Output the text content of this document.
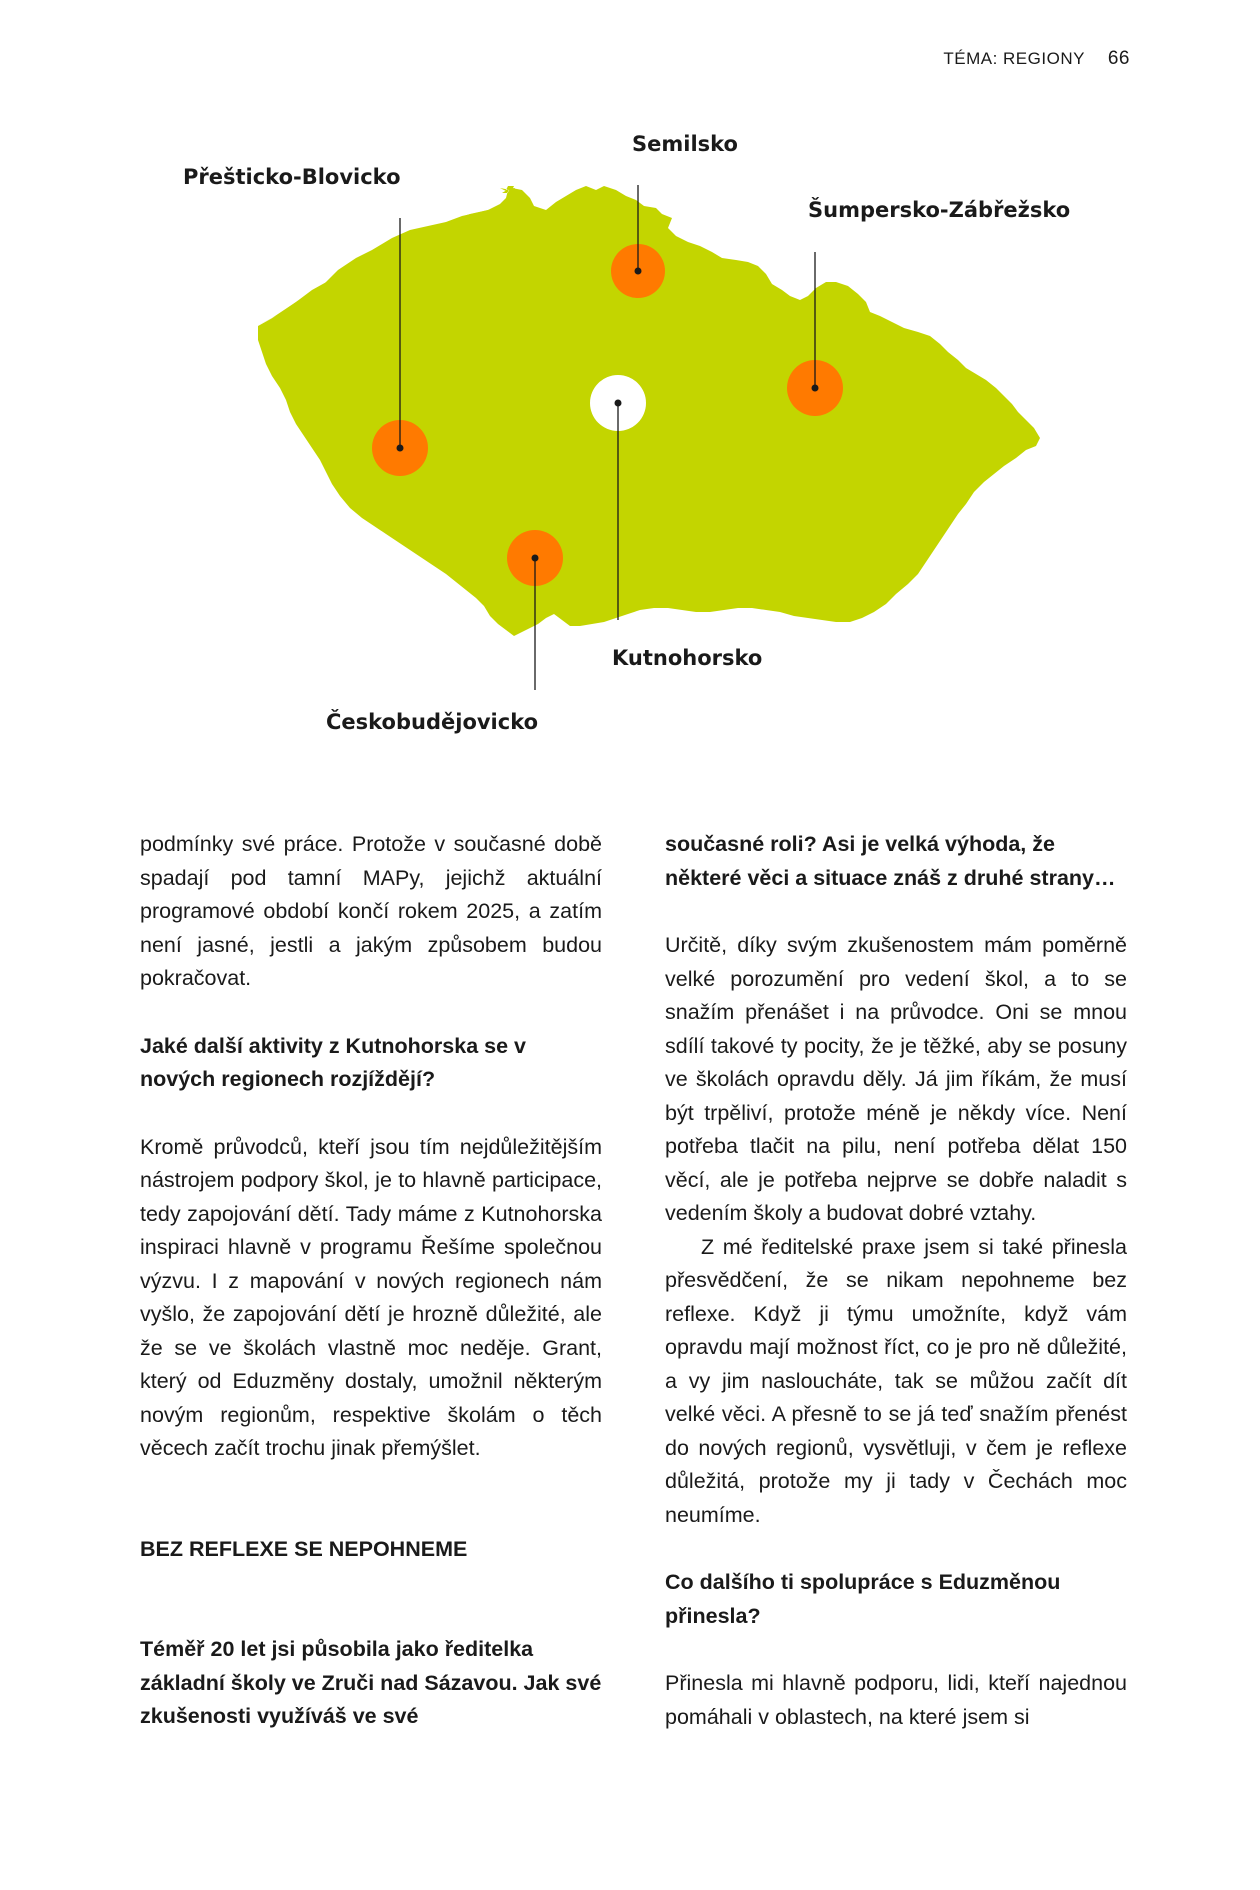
TÉMA: REGIONY 66
Semilsko
Přešticko-Blovicko
Šumpersko-Zábřežsko
Kutnohorsko
Českobudějovicko

podmínky své práce. Protože v současné době spadají pod tamní MAPy, jejichž aktuální programové období končí rokem 2025, a zatím není jasné, jestli a jakým způsobem budou pokračovat.

Jaké další aktivity z Kutnohorska se v nových regionech rozjíždějí?

Kromě průvodců, kteří jsou tím nejdůležitějším nástrojem podpory škol, je to hlavně participace, tedy zapojování dětí. Tady máme z Kutnohorska inspiraci hlavně v programu Řešíme společnou výzvu. I z mapování v nových regionech nám vyšlo, že zapojování dětí je hrozně důležité, ale že se ve školách vlastně moc neděje. Grant, který od Eduzměny dostaly, umožnil některým novým regionům, respektive školám o těch věcech začít trochu jinak přemýšlet.

BEZ REFLEXE SE NEPOHNEME

Téměř 20 let jsi působila jako ředitelka základní školy ve Zruči nad Sázavou. Jak své zkušenosti využíváš ve své

současné roli? Asi je velká výhoda, že některé věci a situace znáš z druhé strany…

Určitě, díky svým zkušenostem mám poměrně velké porozumění pro vedení škol, a to se snažím přenášet i na průvodce. Oni se mnou sdílí takové ty pocity, že je těžké, aby se posuny ve školách opravdu děly. Já jim říkám, že musí být trpěliví, protože méně je někdy více. Není potřeba tlačit na pilu, není potřeba dělat 150 věcí, ale je potřeba nejprve se dobře naladit s vedením školy a budovat dobré vztahy.

Z mé ředitelské praxe jsem si také přinesla přesvědčení, že se nikam nepohneme bez reflexe. Když ji týmu umožníte, když vám opravdu mají možnost říct, co je pro ně důležité, a vy jim nasloucháte, tak se můžou začít dít velké věci. A přesně to se já teď snažím přenést do nových regionů, vysvětluji, v čem je reflexe důležitá, protože my ji tady v Čechách moc neumíme.

Co dalšího ti spolupráce s Eduzměnou přinesla?

Přinesla mi hlavně podporu, lidi, kteří najednou pomáhali v oblastech, na které jsem si
